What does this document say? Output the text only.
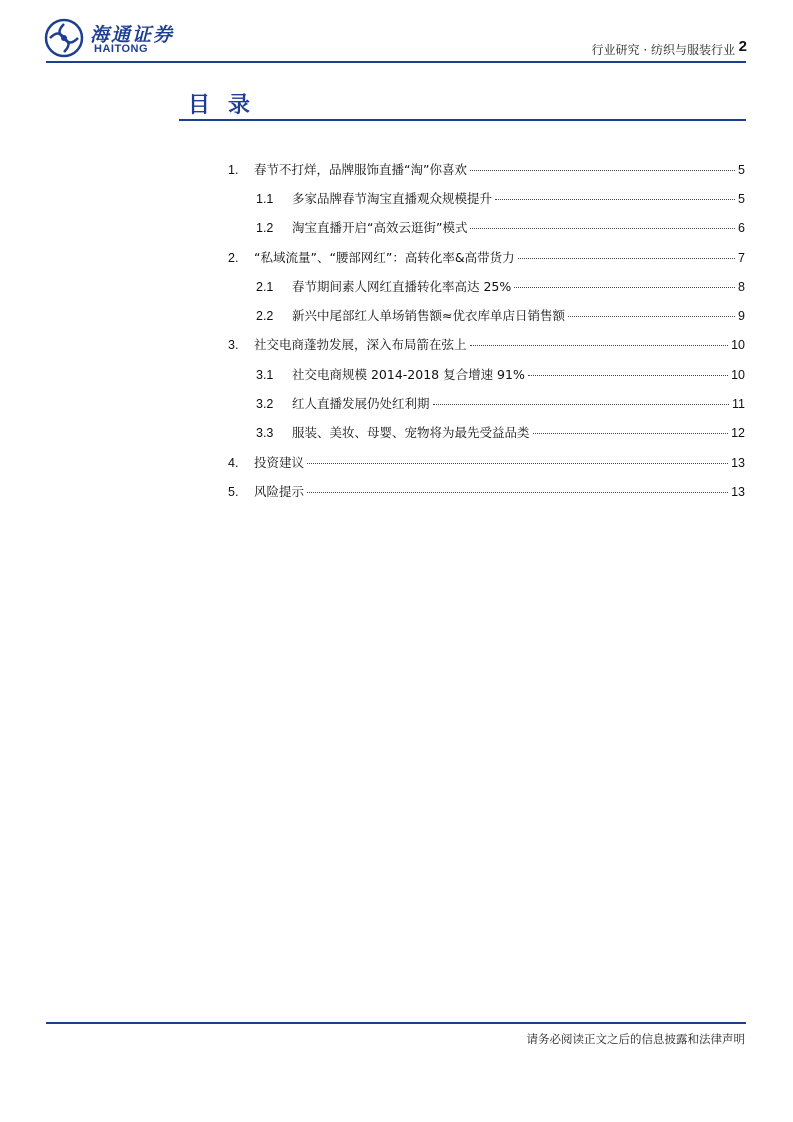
海通证券
HAITONG	行业研究 · 纺织与服装行业 2
目录
1.	春节不打烊，品牌服饰直播“淘”你喜欢	5
1.1	多家品牌春节淘宝直播观众规模提升	5
1.2	淘宝直播开启“高效云逛街”模式	6
2.	“私域流量”、“腰部网红”：高转化率&高带货力	7
2.1	春节期间素人网红直播转化率高达 25%	8
2.2	新兴中尾部红人单场销售额≈优衣库单店日销售额	9
3.	社交电商蓬勃发展，深入布局箭在弦上	10
3.1	社交电商规模 2014-2018 复合增速 91%	10
3.2	红人直播发展仍处红利期	11
3.3	服装、美妆、母婴、宠物将为最先受益品类	12
4.	投资建议	13
5.	风险提示	13
请务必阅读正文之后的信息披露和法律声明
